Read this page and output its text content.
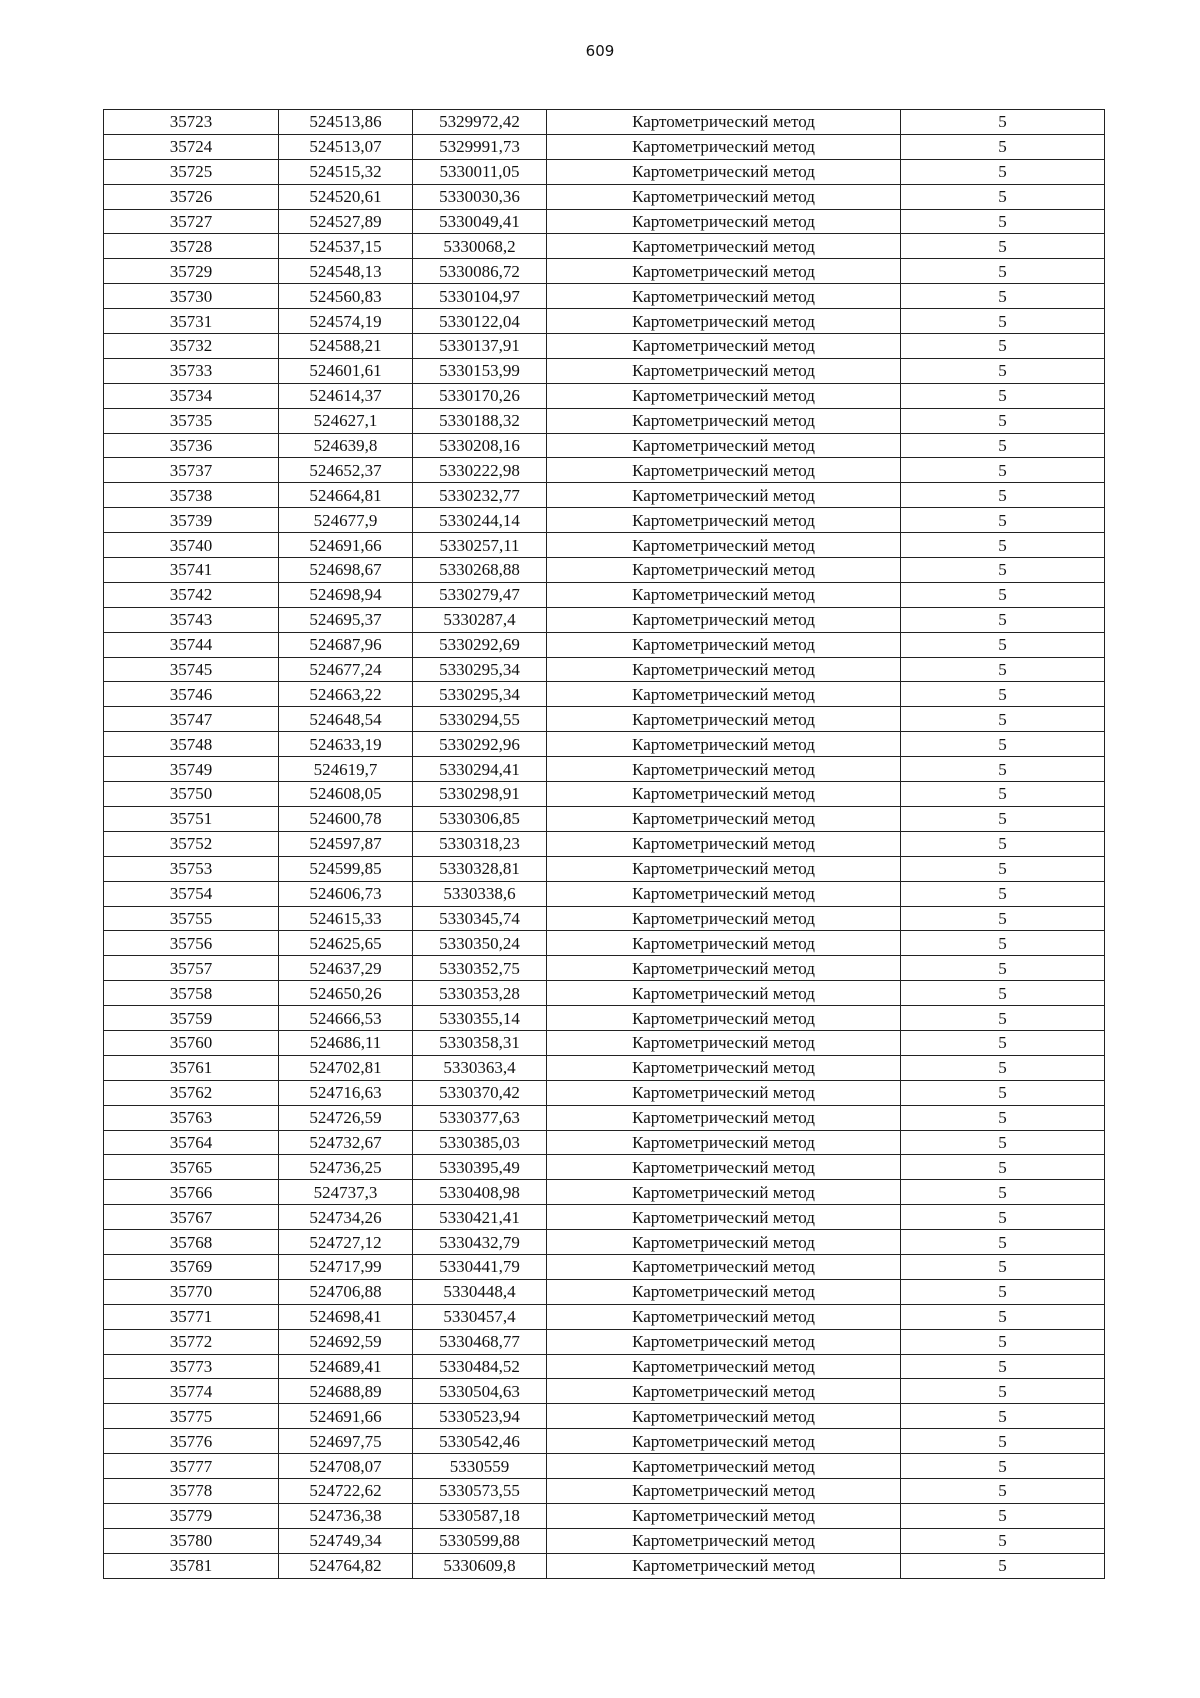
609
35723	524513,86	5329972,42	Картометрический метод	5
35724	524513,07	5329991,73	Картометрический метод	5
35725	524515,32	5330011,05	Картометрический метод	5
35726	524520,61	5330030,36	Картометрический метод	5
35727	524527,89	5330049,41	Картометрический метод	5
35728	524537,15	5330068,2	Картометрический метод	5
35729	524548,13	5330086,72	Картометрический метод	5
35730	524560,83	5330104,97	Картометрический метод	5
35731	524574,19	5330122,04	Картометрический метод	5
35732	524588,21	5330137,91	Картометрический метод	5
35733	524601,61	5330153,99	Картометрический метод	5
35734	524614,37	5330170,26	Картометрический метод	5
35735	524627,1	5330188,32	Картометрический метод	5
35736	524639,8	5330208,16	Картометрический метод	5
35737	524652,37	5330222,98	Картометрический метод	5
35738	524664,81	5330232,77	Картометрический метод	5
35739	524677,9	5330244,14	Картометрический метод	5
35740	524691,66	5330257,11	Картометрический метод	5
35741	524698,67	5330268,88	Картометрический метод	5
35742	524698,94	5330279,47	Картометрический метод	5
35743	524695,37	5330287,4	Картометрический метод	5
35744	524687,96	5330292,69	Картометрический метод	5
35745	524677,24	5330295,34	Картометрический метод	5
35746	524663,22	5330295,34	Картометрический метод	5
35747	524648,54	5330294,55	Картометрический метод	5
35748	524633,19	5330292,96	Картометрический метод	5
35749	524619,7	5330294,41	Картометрический метод	5
35750	524608,05	5330298,91	Картометрический метод	5
35751	524600,78	5330306,85	Картометрический метод	5
35752	524597,87	5330318,23	Картометрический метод	5
35753	524599,85	5330328,81	Картометрический метод	5
35754	524606,73	5330338,6	Картометрический метод	5
35755	524615,33	5330345,74	Картометрический метод	5
35756	524625,65	5330350,24	Картометрический метод	5
35757	524637,29	5330352,75	Картометрический метод	5
35758	524650,26	5330353,28	Картометрический метод	5
35759	524666,53	5330355,14	Картометрический метод	5
35760	524686,11	5330358,31	Картометрический метод	5
35761	524702,81	5330363,4	Картометрический метод	5
35762	524716,63	5330370,42	Картометрический метод	5
35763	524726,59	5330377,63	Картометрический метод	5
35764	524732,67	5330385,03	Картометрический метод	5
35765	524736,25	5330395,49	Картометрический метод	5
35766	524737,3	5330408,98	Картометрический метод	5
35767	524734,26	5330421,41	Картометрический метод	5
35768	524727,12	5330432,79	Картометрический метод	5
35769	524717,99	5330441,79	Картометрический метод	5
35770	524706,88	5330448,4	Картометрический метод	5
35771	524698,41	5330457,4	Картометрический метод	5
35772	524692,59	5330468,77	Картометрический метод	5
35773	524689,41	5330484,52	Картометрический метод	5
35774	524688,89	5330504,63	Картометрический метод	5
35775	524691,66	5330523,94	Картометрический метод	5
35776	524697,75	5330542,46	Картометрический метод	5
35777	524708,07	5330559	Картометрический метод	5
35778	524722,62	5330573,55	Картометрический метод	5
35779	524736,38	5330587,18	Картометрический метод	5
35780	524749,34	5330599,88	Картометрический метод	5
35781	524764,82	5330609,8	Картометрический метод	5
